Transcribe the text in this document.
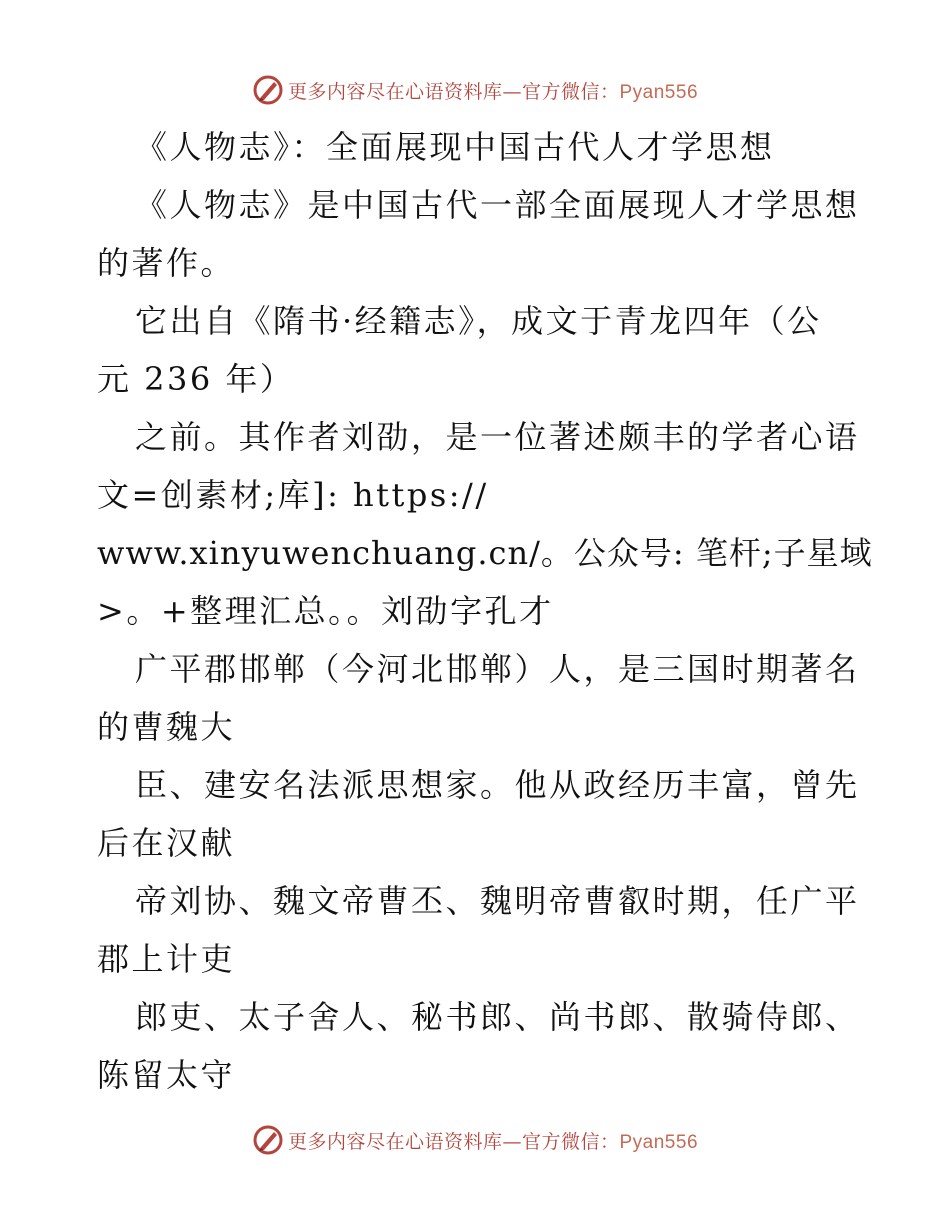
更多内容尽在心语资料库—官方微信：Pyan556
《人物志》：全面展现中国古代人才学思想
《人物志》是中国古代一部全面展现人才学思想
的著作。
它出自《隋书·经籍志》，成文于青龙四年（公
元 236 年）
之前。其作者刘劭，是一位著述颇丰的学者心语
文=创素材;库]: https://
www.xinyuwenchuang.cn/。公众号: 笔杆;子星域
>。+整理汇总。。刘劭字孔才
广平郡邯郸（今河北邯郸）人，是三国时期著名
的曹魏大
臣、建安名法派思想家。他从政经历丰富，曾先
后在汉献
帝刘协、魏文帝曹丕、魏明帝曹叡时期，任广平
郡上计吏
郎吏、太子舍人、秘书郎、尚书郎、散骑侍郎、
陈留太守
更多内容尽在心语资料库—官方微信：Pyan556
